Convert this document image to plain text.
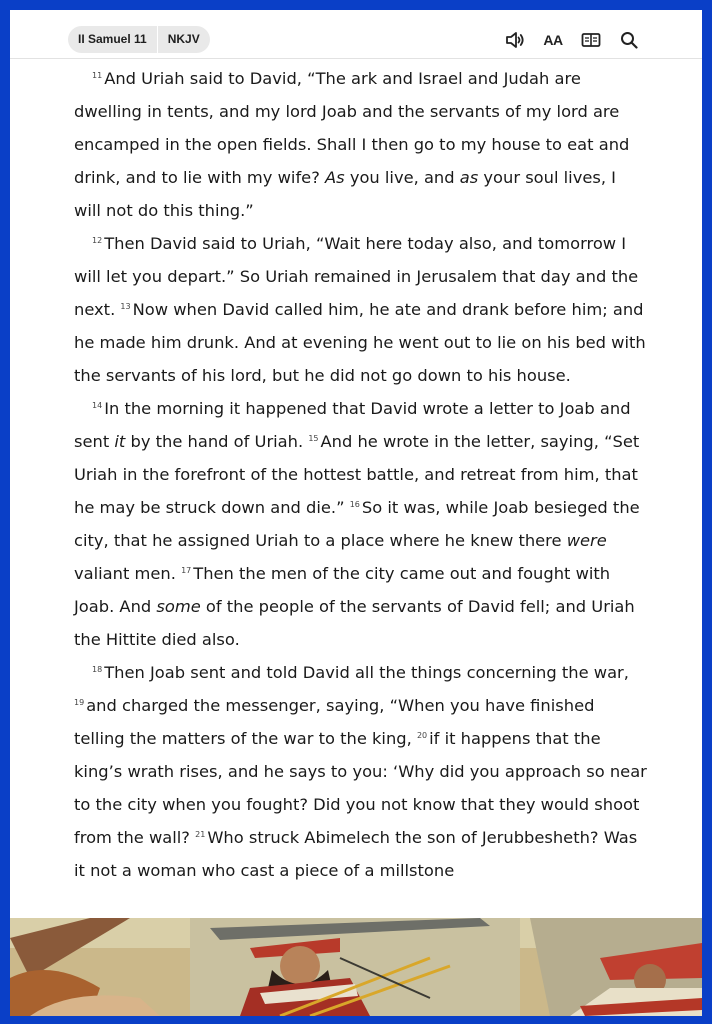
II Samuel 11	NKJV	AA

$^{11}$ And Uriah said to David, “The ark and Israel and Judah are dwelling in tents, and my lord Joab and the servants of my lord are encamped in the open fields. Shall I then go to my house to eat and drink, and to lie with my wife? As you live, and as your soul lives, I will not do this thing.”

$^{12}$ Then David said to Uriah, “Wait here today also, and tomorrow I will let you depart.” So Uriah remained in Jerusalem that day and the next. $^{13}$ Now when David called him, he ate and drank before him; and he made him drunk. And at evening he went out to lie on his bed with the servants of his lord, but he did not go down to his house.

$^{14}$ In the morning it happened that David wrote a letter to Joab and sent it by the hand of Uriah. $^{15}$ And he wrote in the letter, saying, “Set Uriah in the forefront of the hottest battle, and retreat from him, that he may be struck down and die.” $^{16}$ So it was, while Joab besieged the city, that he assigned Uriah to a place where he knew there were valiant men. $^{17}$ Then the men of the city came out and fought with Joab. And some of the people of the servants of David fell; and Uriah the Hittite died also.

$^{18}$ Then Joab sent and told David all the things concerning the war, $^{19}$ and charged the messenger, saying, “When you have finished telling the matters of the war to the king, $^{20}$ if it happens that the king’s wrath rises, and he says to you: ‘Why did you approach so near to the city when you fought? Did you not know that they would shoot from the wall? $^{21}$ Who struck Abimelech the son of Jerubbesheth? Was it not a woman who cast a piece of a millstone
